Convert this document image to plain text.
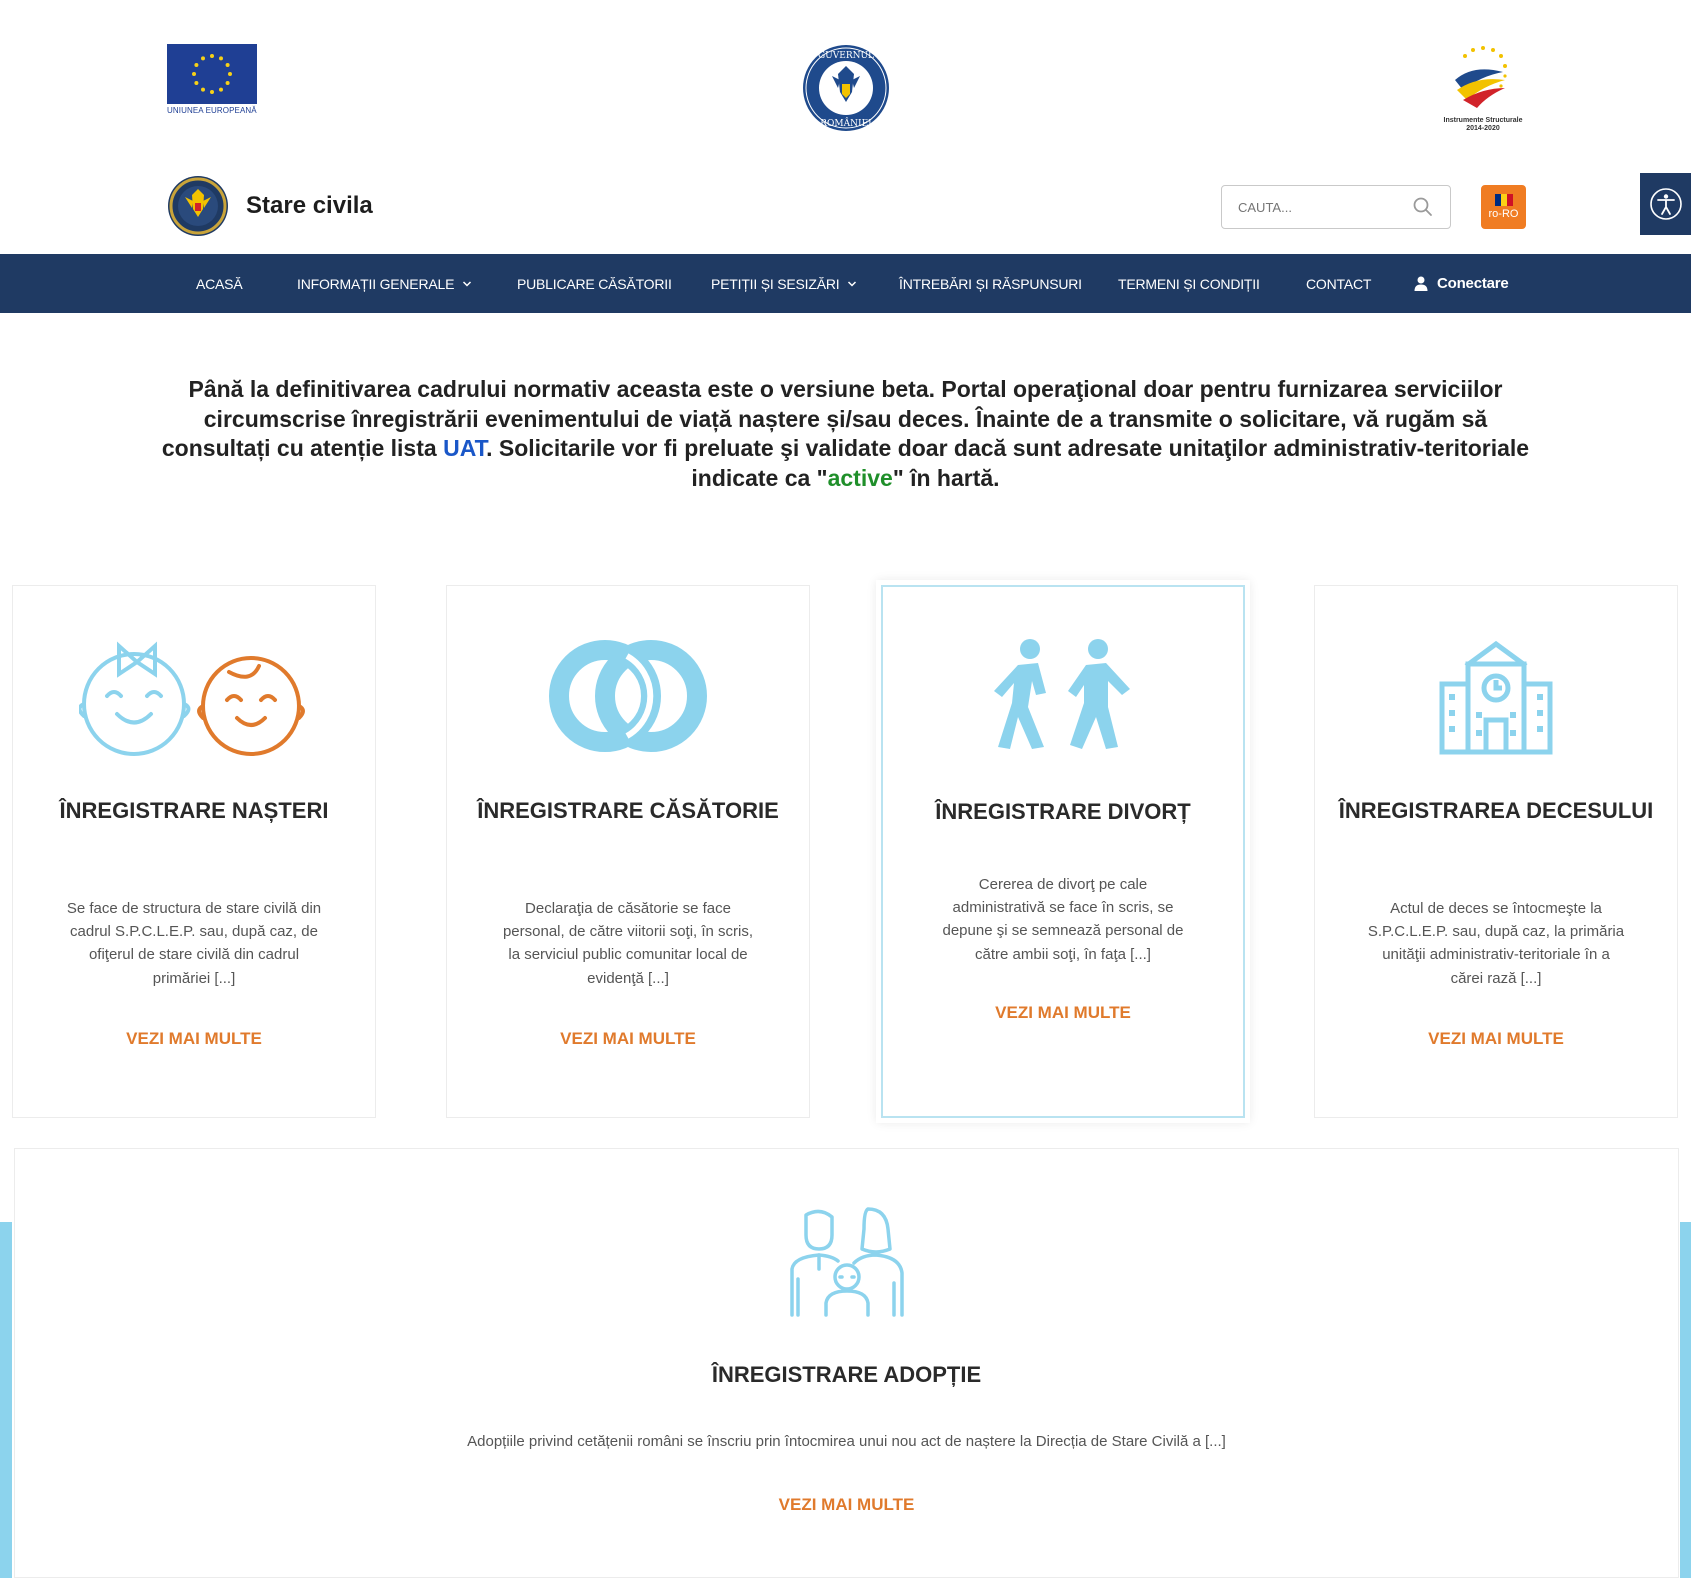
UNIUNEA EUROPEANĂ
GUVERNUL
ROMÂNIEI	Instrumente Structurale
2014-2020
Stare civila
CAUTA...	ro-RO
ACASĂ	INFORMAȚII GENERALE	PUBLICARE CĂSĂTORII	PETIȚII ȘI SESIZĂRI	ÎNTREBĂRI ȘI RĂSPUNSURI	TERMENI ȘI CONDIȚII	CONTACT	Conectare
Până la definitivarea cadrului normativ aceasta este o versiune beta. Portal operaţional doar pentru furnizarea serviciilor circumscrise înregistrării evenimentului de viață naștere și/sau deces. Înainte de a transmite o solicitare, vă rugăm să consultați cu atenție lista UAT. Solicitarile vor fi preluate şi validate doar dacă sunt adresate unitaţilor administrativ-teritoriale indicate ca "active" în hartă.
ÎNREGISTRARE NAȘTERI
Se face de structura de stare civilă din cadrul S.P.C.L.E.P. sau, după caz, de ofiţerul de stare civilă din cadrul primăriei [...]
VEZI MAI MULTE
ÎNREGISTRARE CĂSĂTORIE
Declaraţia de căsătorie se face personal, de către viitorii soţi, în scris, la serviciul public comunitar local de evidenţă [...]
VEZI MAI MULTE
ÎNREGISTRARE DIVORȚ
Cererea de divorţ pe cale administrativă se face în scris, se depune şi se semnează personal de către ambii soţi, în faţa [...]
VEZI MAI MULTE
ÎNREGISTRAREA DECESULUI
Actul de deces se întocmeşte la S.P.C.L.E.P. sau, după caz, la primăria unităţii administrativ-teritoriale în a cărei rază [...]
VEZI MAI MULTE
ÎNREGISTRARE ADOPȚIE
Adopțiile privind cetățenii români se înscriu prin întocmirea unui nou act de naștere la Direcția de Stare Civilă a [...]
VEZI MAI MULTE
